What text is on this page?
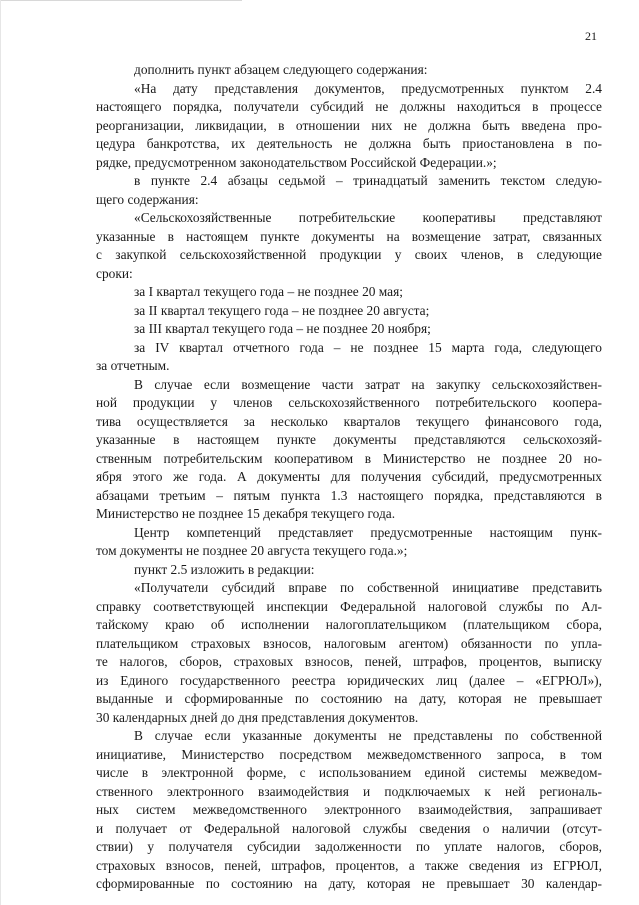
21

дополнить пункт абзацем следующего содержания:

«На дату представления документов, предусмотренных пунктом 2.4

настоящего порядка, получатели субсидий не должны находиться в процессе

реорганизации, ликвидации, в отношении них не должна быть введена про-

цедура банкротства, их деятельность не должна быть приостановлена в по-

рядке, предусмотренном законодательством Российской Федерации.»;

в пункте 2.4 абзацы седьмой – тринадцатый заменить текстом следую-

щего содержания:

«Сельскохозяйственные потребительские кооперативы представляют

указанные в настоящем пункте документы на возмещение затрат, связанных

с закупкой сельскохозяйственной продукции у своих членов, в следующие

сроки:

за I квартал текущего года – не позднее 20 мая;

за II квартал текущего года – не позднее 20 августа;

за III квартал текущего года – не позднее 20 ноября;

за IV квартал отчетного года – не позднее 15 марта года, следующего

за отчетным.

В случае если возмещение части затрат на закупку сельскохозяйствен-

ной продукции у членов сельскохозяйственного потребительского коопера-

тива осуществляется за несколько кварталов текущего финансового года,

указанные в настоящем пункте документы представляются сельскохозяй-

ственным потребительским кооперативом в Министерство не позднее 20 но-

ября этого же года. А документы для получения субсидий, предусмотренных

абзацами третьим – пятым пункта 1.3 настоящего порядка, представляются в

Министерство не позднее 15 декабря текущего года.

Центр компетенций представляет предусмотренные настоящим пунк-

том документы не позднее 20 августа текущего года.»;

пункт 2.5 изложить в редакции:

«Получатели субсидий вправе по собственной инициативе представить

справку соответствующей инспекции Федеральной налоговой службы по Ал-

тайскому краю об исполнении налогоплательщиком (плательщиком сбора,

плательщиком страховых взносов, налоговым агентом) обязанности по упла-

те налогов, сборов, страховых взносов, пеней, штрафов, процентов, выписку

из Единого государственного реестра юридических лиц (далее – «ЕГРЮЛ»),

выданные и сформированные по состоянию на дату, которая не превышает

30 календарных дней до дня представления документов.

В случае если указанные документы не представлены по собственной

инициативе, Министерство посредством межведомственного запроса, в том

числе в электронной форме, с использованием единой системы межведом-

ственного электронного взаимодействия и подключаемых к ней региональ-

ных систем межведомственного электронного взаимодействия, запрашивает

и получает от Федеральной налоговой службы сведения о наличии (отсут-

ствии) у получателя субсидии задолженности по уплате налогов, сборов,

страховых взносов, пеней, штрафов, процентов, а также сведения из ЕГРЮЛ,

сформированные по состоянию на дату, которая не превышает 30 календар-
